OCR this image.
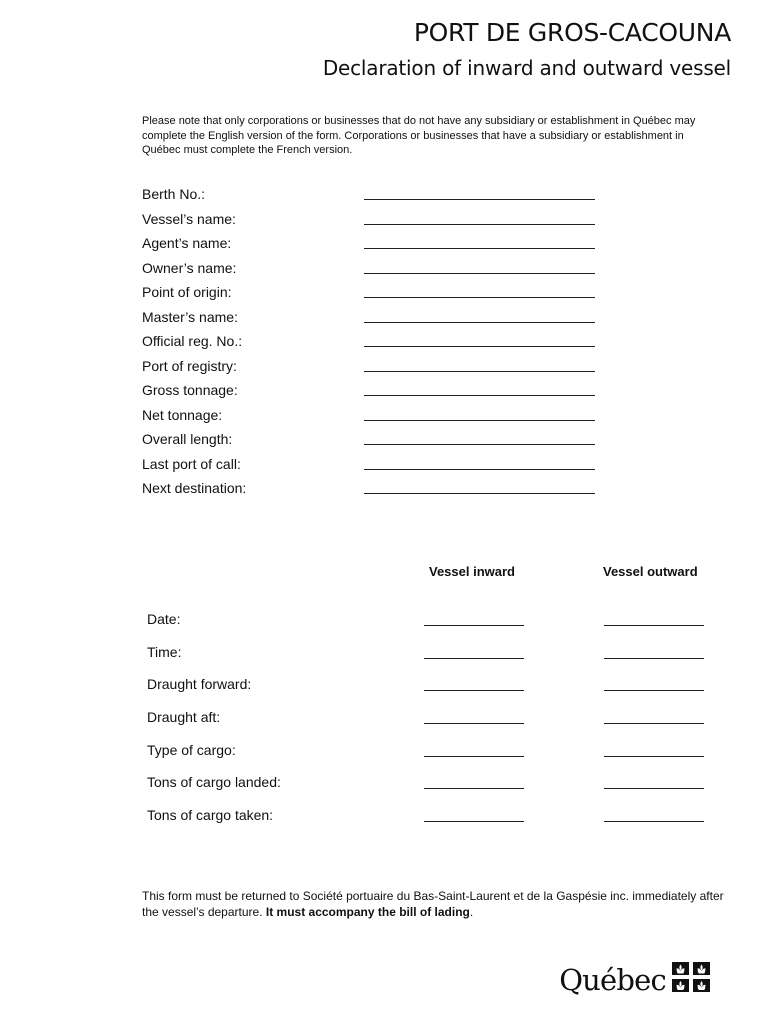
PORT DE GROS-CACOUNA
Declaration of inward and outward vessel

Please note that only corporations or businesses that do not have any subsidiary or establishment in Québec may complete the English version of the form. Corporations or businesses that have a subsidiary or establishment in Québec must complete the French version.

Berth No.:
Vessel’s name:
Agent’s name:
Owner’s name:
Point of origin:
Master’s name:
Official reg. No.:
Port of registry:
Gross tonnage:
Net tonnage:
Overall length:
Last port of call:
Next destination:
Vessel inward	Vessel outward
Date:
Time:
Draught forward:
Draught aft:
Type of cargo:
Tons of cargo landed:
Tons of cargo taken:

This form must be returned to Société portuaire du Bas-Saint-Laurent et de la Gaspésie inc. immediately after the vessel’s departure. It must accompany the bill of lading.

Québec
